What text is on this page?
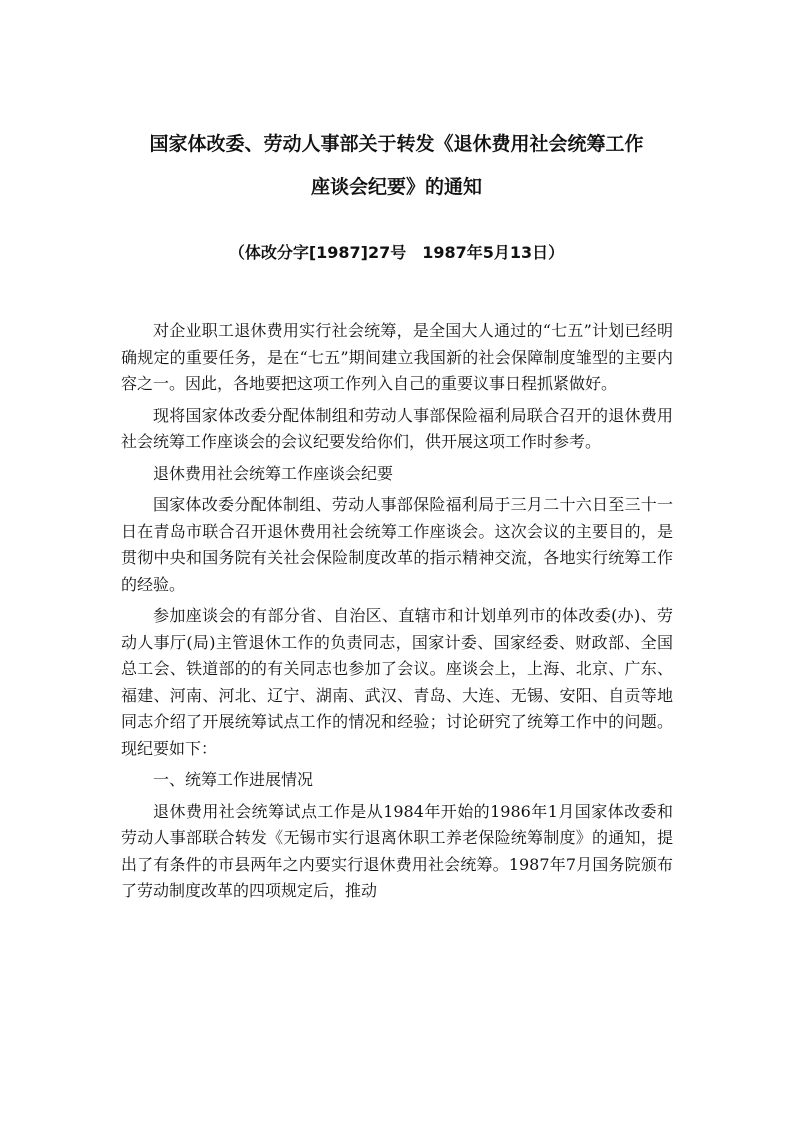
国家体改委、劳动人事部关于转发《退休费用社会统筹工作
座谈会纪要》的通知

（体改分字[1987]27号　1987年5月13日）

对企业职工退休费用实行社会统筹，是全国大人通过的“七五”计划已经明确规定的重要任务，是在“七五”期间建立我国新的社会保障制度雏型的主要内容之一。因此，各地要把这项工作列入自己的重要议事日程抓紧做好。

现将国家体改委分配体制组和劳动人事部保险福利局联合召开的退休费用社会统筹工作座谈会的会议纪要发给你们，供开展这项工作时参考。

退休费用社会统筹工作座谈会纪要

国家体改委分配体制组、劳动人事部保险福利局于三月二十六日至三十一日在青岛市联合召开退休费用社会统筹工作座谈会。这次会议的主要目的，是贯彻中央和国务院有关社会保险制度改革的指示精神交流，各地实行统筹工作的经验。

参加座谈会的有部分省、自治区、直辖市和计划单列市的体改委(办)、劳动人事厅(局)主管退休工作的负责同志，国家计委、国家经委、财政部、全国总工会、铁道部的的有关同志也参加了会议。座谈会上，上海、北京、广东、福建、河南、河北、辽宁、湖南、武汉、青岛、大连、无锡、安阳、自贡等地同志介绍了开展统筹试点工作的情况和经验；讨论研究了统筹工作中的问题。现纪要如下：

一、统筹工作进展情况

退休费用社会统筹试点工作是从1984年开始的1986年1月国家体改委和劳动人事部联合转发《无锡市实行退离休职工养老保险统筹制度》的通知，提出了有条件的市县两年之内要实行退休费用社会统筹。1987年7月国务院颁布了劳动制度改革的四项规定后，推动
